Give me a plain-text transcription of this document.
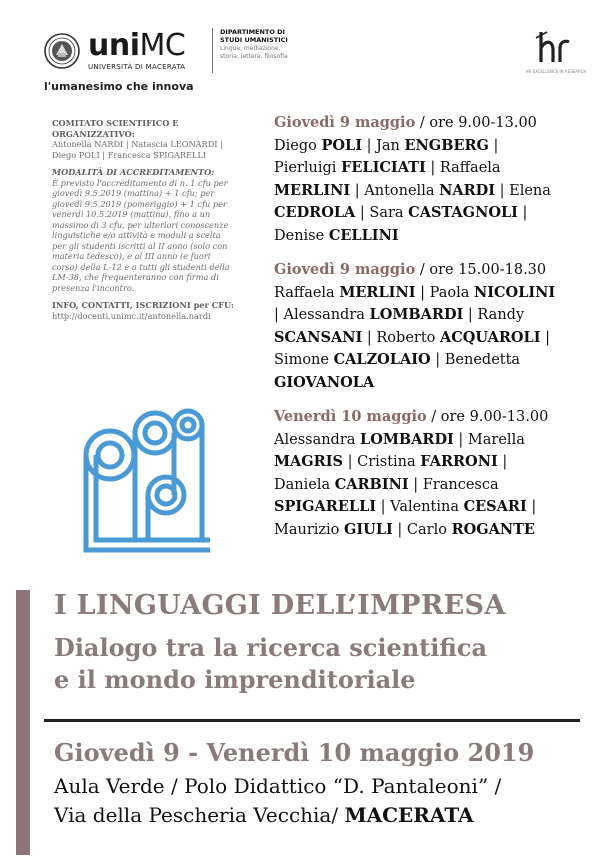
uniMC
UNIVERSITÀ DI MACERATA
l'umanesimo che innova
DIPARTIMENTO DI
STUDI UMANISTICI
Lingue, mediazione,
storia, lettere, filosofia
HR EXCELLENCE IN RESEARCH
COMITATO SCIENTIFICO E
ORGANIZZATIVO:
Antonella NARDI | Natascia LEONARDI |
Diego POLI | Francesca SPIGARELLI
MODALITÀ DI ACCREDITAMENTO:
È previsto l'accreditamento di n. 1 cfu per
giovedì 9.5.2019 (mattina) + 1 cfu; per
giovedì 9.5.2019 (pomeriggio) + 1 cfu per
venerdì 10.5.2019 (mattina), fino a un
massimo di 3 cfu, per ulteriori conoscenze
linguistiche e/o attività e moduli a scelta
per gli studenti iscritti al II anno (solo con
materia tedesco), e al III anno (e fuori
corso) della L-12 e a tutti gli studenti della
LM-38, che frequenteranno con firma di
presenza l'incontro.
INFO, CONTATTI, ISCRIZIONI per CFU:
http://docenti.unimc.it/antonella.nardi
Giovedì 9 maggio / ore 9.00-13.00
Diego POLI | Jan ENGBERG |
Pierluigi FELICIATI | Raffaela
MERLINI | Antonella NARDI | Elena
CEDROLA | Sara CASTAGNOLI |
Denise CELLINI
Giovedì 9 maggio / ore 15.00-18.30
Raffaela MERLINI | Paola NICOLINI
| Alessandra LOMBARDI | Randy
SCANSANI | Roberto ACQUAROLI |
Simone CALZOLAIO | Benedetta
GIOVANOLA
Venerdì 10 maggio / ore 9.00-13.00
Alessandra LOMBARDI | Marella
MAGRIS | Cristina FARRONI |
Daniela CARBINI | Francesca
SPIGARELLI | Valentina CESARI |
Maurizio GIULI | Carlo ROGANTE
I LINGUAGGI DELL’IMPRESA
Dialogo tra la ricerca scientifica
e il mondo imprenditoriale
Giovedì 9 - Venerdì 10 maggio 2019
Aula Verde / Polo Didattico “D. Pantaleoni” /
Via della Pescheria Vecchia/ MACERATA
